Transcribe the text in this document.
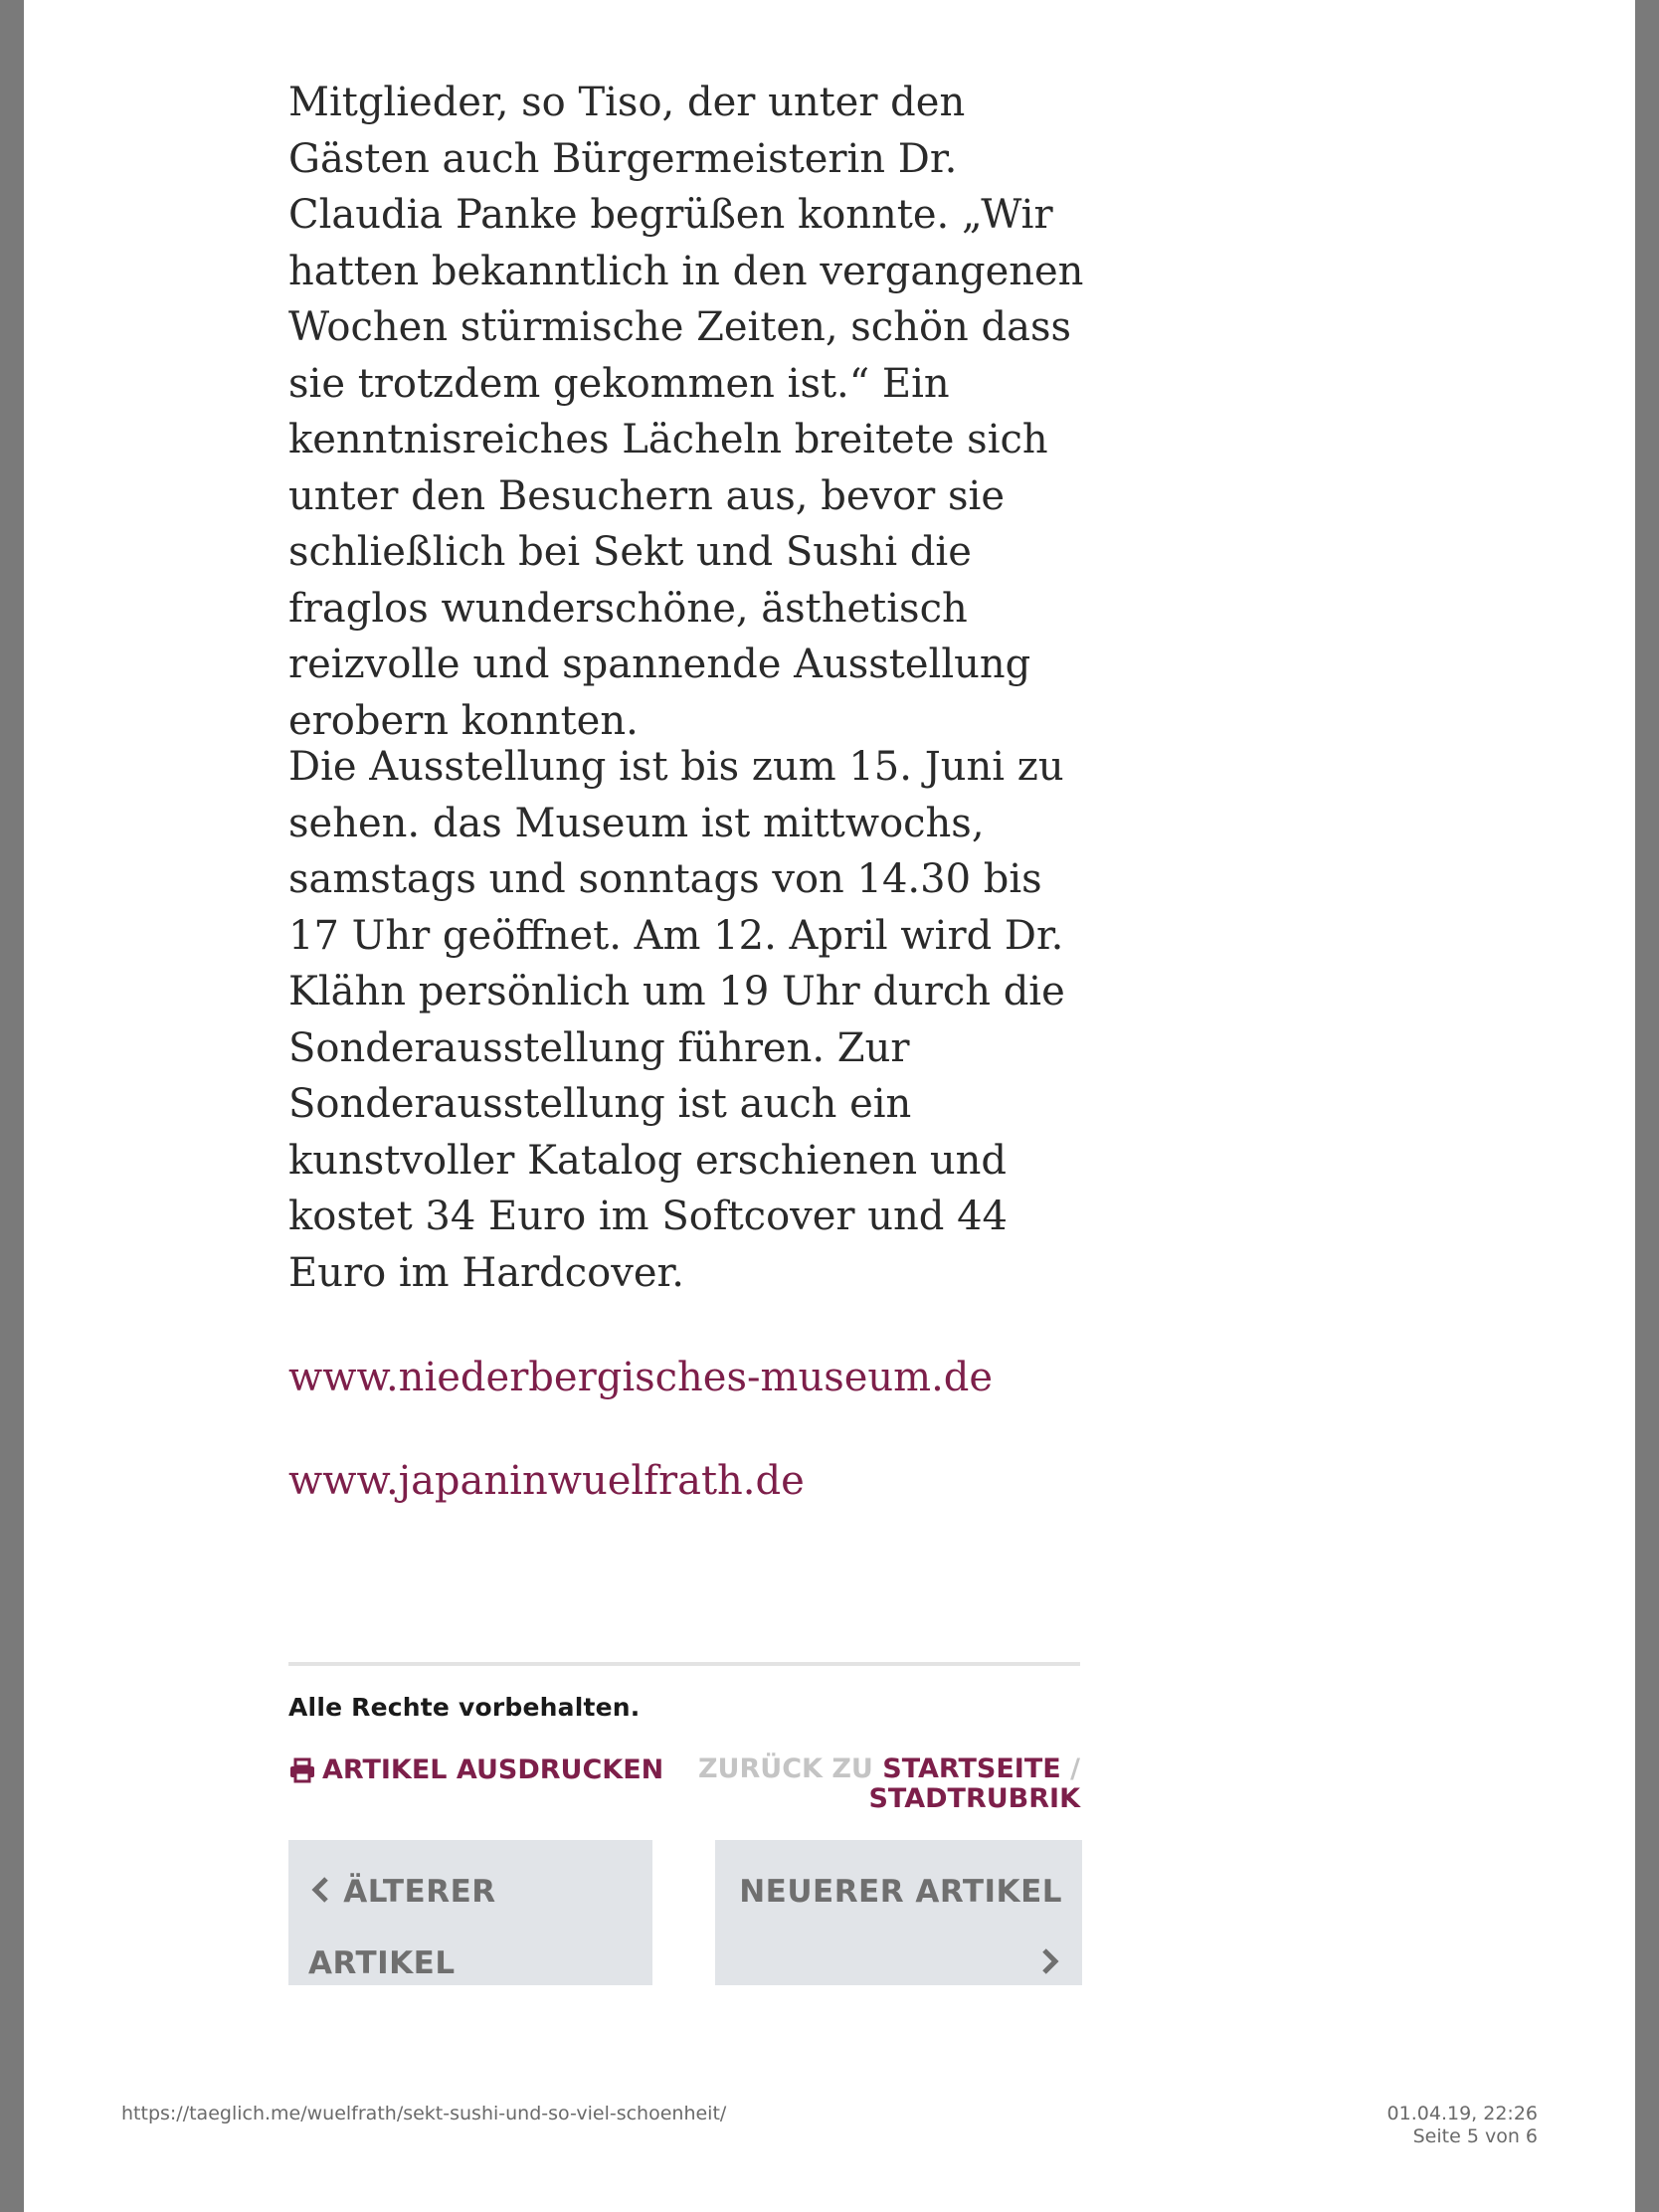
Mitglieder, so Tiso, der unter den Gästen auch Bürgermeisterin Dr. Claudia Panke begrüßen konnte. „Wir hatten bekanntlich in den vergangenen Wochen stürmische Zeiten, schön dass sie trotzdem gekommen ist.“ Ein kenntnisreiches Lächeln breitete sich unter den Besuchern aus, bevor sie schließlich bei Sekt und Sushi die fraglos wunderschöne, ästhetisch reizvolle und spannende Ausstellung erobern konnten.

Die Ausstellung ist bis zum 15. Juni zu sehen. das Museum ist mittwochs, samstags und sonntags von 14.30 bis 17 Uhr geöffnet. Am 12. April wird Dr. Klähn persönlich um 19 Uhr durch die Sonderausstellung führen. Zur Sonderausstellung ist auch ein kunstvoller Katalog erschienen und kostet 34 Euro im Softcover und 44 Euro im Hardcover.

www.niederbergisches-museum.de
www.japaninwuelfrath.de
Alle Rechte vorbehalten.
ARTIKEL AUSDRUCKEN ZURÜCK ZU STARTSEITE /
STADTRUBRIK
ÄLTERER
ARTIKEL
NEUERER ARTIKEL
https://taeglich.me/wuelfrath/sekt-sushi-und-so-viel-schoenheit/	01.04.19, 22:26
Seite 5 von 6
